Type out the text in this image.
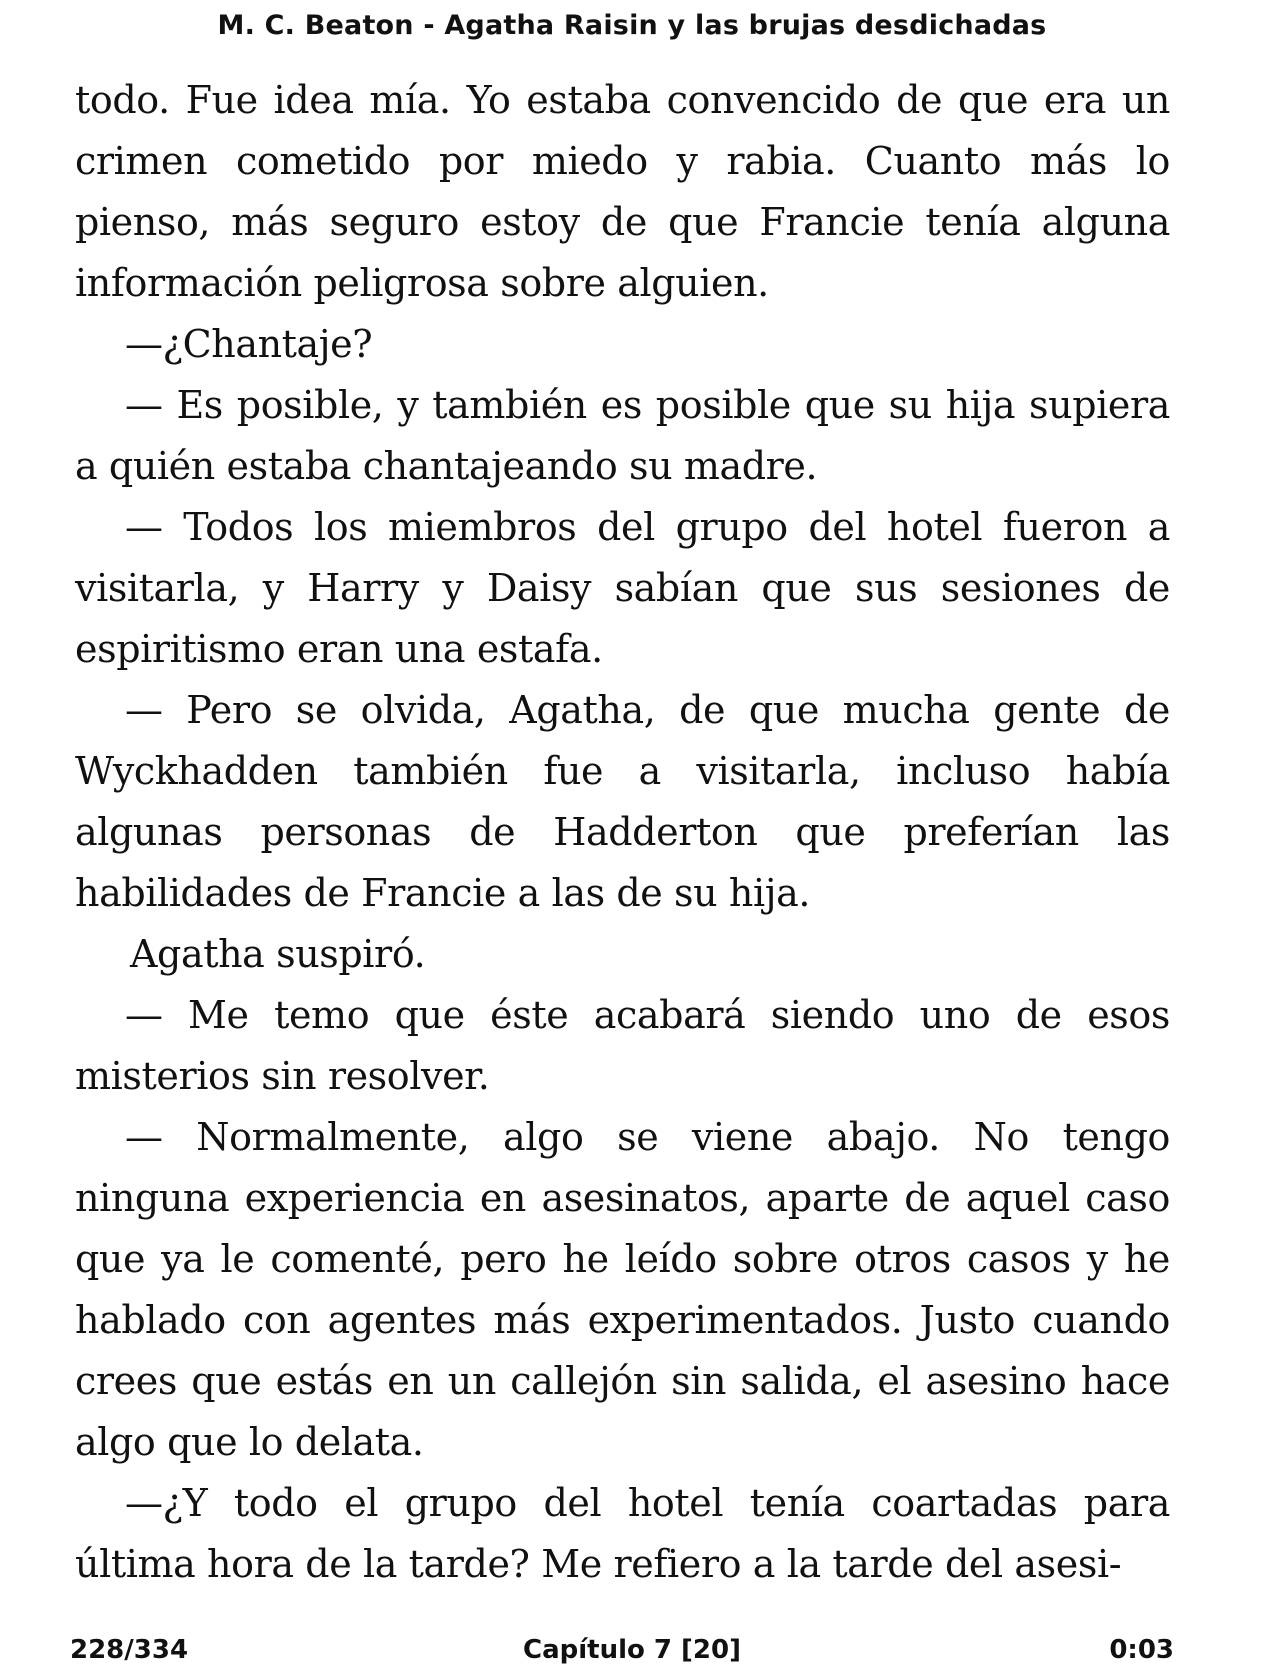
M. C. Beaton - Agatha Raisin y las brujas desdichadas

todo. Fue idea mía. Yo estaba convencido de que era un crimen cometido por miedo y rabia. Cuanto más lo pienso, más seguro estoy de que Francie tenía alguna información peligrosa sobre alguien.

—¿Chantaje?

— Es posible, y también es posible que su hija supiera a quién estaba chantajeando su madre.

— Todos los miembros del grupo del hotel fueron a visitarla, y Harry y Daisy sabían que sus sesiones de espiritismo eran una estafa.

— Pero se olvida, Agatha, de que mucha gente de Wyckhadden también fue a visitarla, incluso había algunas personas de Hadderton que preferían las habilidades de Francie a las de su hija.

Agatha suspiró.

— Me temo que éste acabará siendo uno de esos misterios sin resolver.

— Normalmente, algo se viene abajo. No tengo ninguna experiencia en asesinatos, aparte de aquel caso que ya le comenté, pero he leído sobre otros casos y he hablado con agentes más experimentados. Justo cuando crees que estás en un callejón sin salida, el asesino hace algo que lo delata.

—¿Y todo el grupo del hotel tenía coartadas para última hora de la tarde? Me refiero a la tarde del asesi-

228/334	Capítulo 7 [20]	0:03
